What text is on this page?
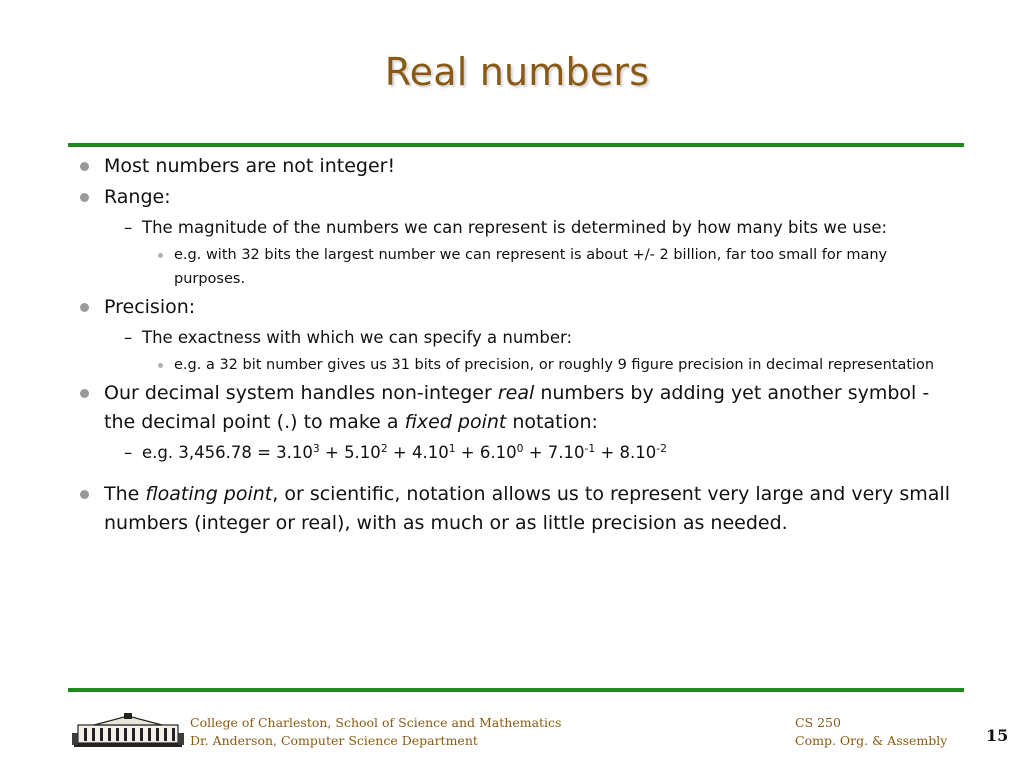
Real numbers
Most numbers are not integer!
Range:
– The magnitude of the numbers we can represent is determined by how many bits we use:
e.g. with 32 bits the largest number we can represent is about +/- 2 billion, far too small for many purposes.
Precision:
– The exactness with which we can specify a number:
e.g. a 32 bit number gives us 31 bits of precision, or roughly 9 figure precision in decimal representation
Our decimal system handles non-integer real numbers by adding yet another symbol - the decimal point (.) to make a fixed point notation:
– e.g. $3,456.78 = 3.10^3 + 5.10^2 + 4.10^1 + 6.10^0 + 7.10^{-1} + 8.10^{-2}$
The floating point, or scientific, notation allows us to represent very large and very small numbers (integer or real), with as much or as little precision as needed.
College of Charleston, School of Science and Mathematics
Dr. Anderson, Computer Science Department
CS 250
Comp. Org. & Assembly 15
